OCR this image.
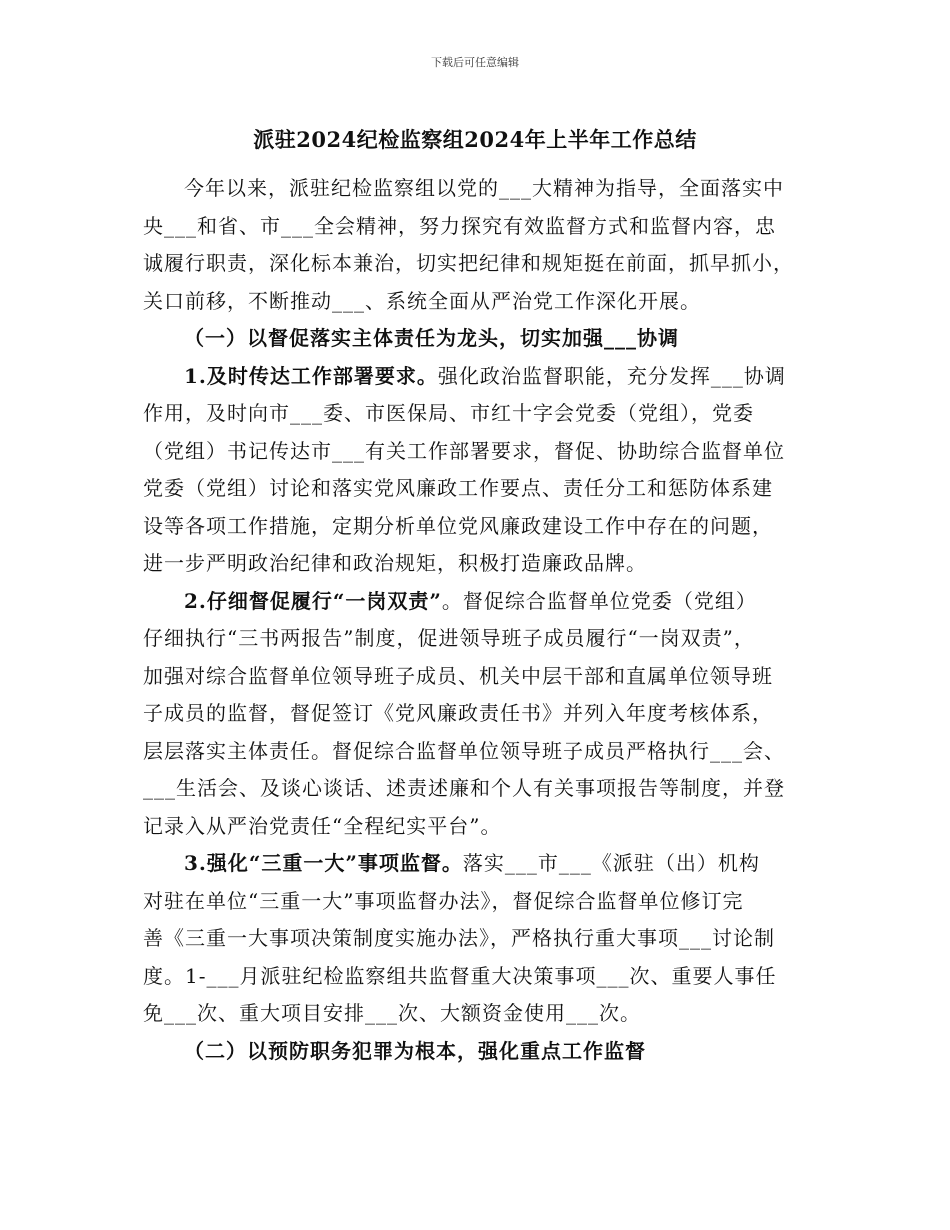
下载后可任意编辑
派驻2024纪检监察组2024年上半年工作总结
今年以来，派驻纪检监察组以党的___大精神为指导，全面落实中
央___和省、市___全会精神，努力探究有效监督方式和监督内容，忠
诚履行职责，深化标本兼治，切实把纪律和规矩挺在前面，抓早抓小，
关口前移，不断推动___、系统全面从严治党工作深化开展。
（一）以督促落实主体责任为龙头，切实加强___协调
1.及时传达工作部署要求。强化政治监督职能，充分发挥___协调
作用，及时向市___委、市医保局、市红十字会党委（党组），党委
（党组）书记传达市___有关工作部署要求，督促、协助综合监督单位
党委（党组）讨论和落实党风廉政工作要点、责任分工和惩防体系建
设等各项工作措施，定期分析单位党风廉政建设工作中存在的问题，
进一步严明政治纪律和政治规矩，积极打造廉政品牌。
2.仔细督促履行“一岗双责”。督促综合监督单位党委（党组）
仔细执行“三书两报告”制度，促进领导班子成员履行“一岗双责”，
加强对综合监督单位领导班子成员、机关中层干部和直属单位领导班
子成员的监督，督促签订《党风廉政责任书》并列入年度考核体系，
层层落实主体责任。督促综合监督单位领导班子成员严格执行___会、
___生活会、及谈心谈话、述责述廉和个人有关事项报告等制度，并登
记录入从严治党责任“全程纪实平台”。
3.强化“三重一大”事项监督。落实___市___《派驻（出）机构
对驻在单位“三重一大”事项监督办法》，督促综合监督单位修订完
善《三重一大事项决策制度实施办法》，严格执行重大事项___讨论制
度。1-___月派驻纪检监察组共监督重大决策事项___次、重要人事任
免___次、重大项目安排___次、大额资金使用___次。
（二）以预防职务犯罪为根本，强化重点工作监督
